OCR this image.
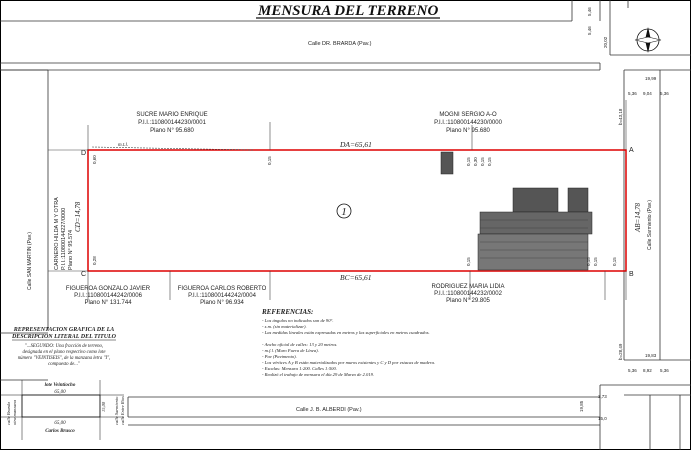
MENSURA DEL TERRENO
Calle DR. BRARDA (Pav.)
Calle SAN MARTIN (Pav.)
Calle Sarmiento (Pav.)
Calle J. B. ALBERDI (Pav.)
1
D
C
A
B
DA=65,61
BC=65,61
AB=14,78
CD=14,78
m.t.l.
0,60	0,15	0,15 0,30 0,15 0,15
0,28	0,15	0,15
0,15
0,15
20,02
5,46
5,46
19,99
5,36 9,04 5,36
b=43,18
b=28,49	19,83
5,36 8,92 5,36
3,73
15,0
19,85
SUCRE MARIO ENRIQUE
P.I.I.:110800144230/0001
Plano N° 95.680
MOGNI SERGIO A-O
P.I.I.:110800144230/0000
Plano N° 95.680
CARNERO HILDA M Y OTRA P.I.I.:110800144227/0000 Plano N° 95.574
FIGUEROA GONZALO JAVIER
P.I.I.:110800144242/0006
Plano N° 131.744
FIGUEROA CARLOS ROBERTO
P.I.I.:110800144242/0004
Plano N° 96.934
RODRIGUEZ MARIA LIDIA
P.I.I.:110800144232/0002
Plano N° 29.805
REFERENCIAS:
- Los ángulos no indicados son de 90°.
- s.m. (sin materializar).
- Las medidas lineales están expresadas en metros y las superficiales en metros cuadrados.
- Ancho oficial de calles: 13 y 20 metros.
- m.f.l. (Muro Fuera de Línea).
- Pav (Pavimento).
- Los vértices A y B están materializados por muros existentes y C y D por estacas de madera.
- Escalas: Mensura 1:200. Calles 1:500.
- Realizó el trabajo de mensura el día 29 de Marzo de 2.019.
REPRESENTACION GRAFICA DE LA
DESCRIPCION LITERAL DEL TITULO
"...SEGUNDO: Una fracción de terreno,
designada en el plano respectivo como lote
número "VEINTISEIS", de la manzana letra "I",
compuesto de..."
lote Veintiocho
65,00
65,00
Carlos Brusco
15,00
calle Brarda otra manzana	calle Sarmiento calle Entre Ríos
